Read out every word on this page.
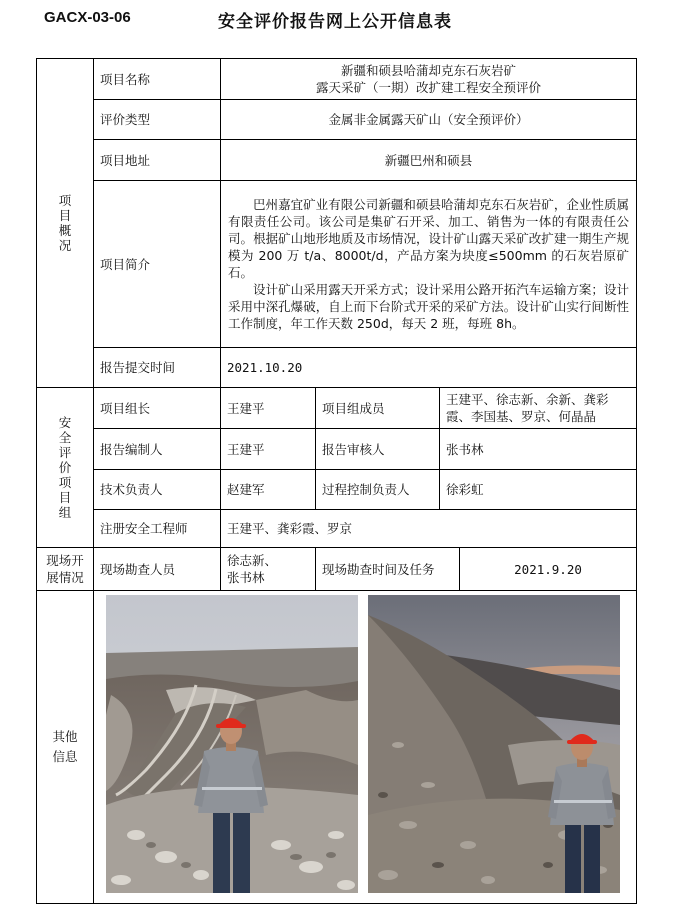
GACX-03-06	安全评价报告网上公开信息表
项目概况	项目名称	新疆和硕县哈蒲却克东石灰岩矿
露天采矿（一期）改扩建工程安全预评价			

	评价类型	金属非金属露天矿山（安全预评价）			
	项目地址	新疆巴州和硕县			
	项目简介	巴州嘉宜矿业有限公司新疆和硕县哈蒲却克东石灰岩矿，企业性质属有限责任公司。该公司是集矿石开采、加工、销售为一体的有限责任公司。根据矿山地形地质及市场情况，设计矿山露天采矿改扩建一期生产规模为 200 万 t/a、8000t/d，产品方案为块度≤500mm 的石灰岩原矿石。

设计矿山采用露天开采方式；设计采用公路开拓汽车运输方案；设计采用中深孔爆破，自上而下台阶式开采的采矿方法。设计矿山实行间断性工作制度，年工作天数 250d，每天 2 班，每班 8h。			

	报告提交时间	2021.10.20			
安全评价项目组	项目组长	王建平	项目组成员	王建平、徐志新、余新、龚彩霞、李国基、罗京、何晶晶	
	报告编制人	王建平	报告审核人	张书林	
	技术负责人	赵建军	过程控制负责人	徐彩虹	
	注册安全工程师	王建平、龚彩霞、罗京			
现场开展情况	现场勘查人员	徐志新、张书林	现场勘查时间及任务		2021.9.20
其他信息	
